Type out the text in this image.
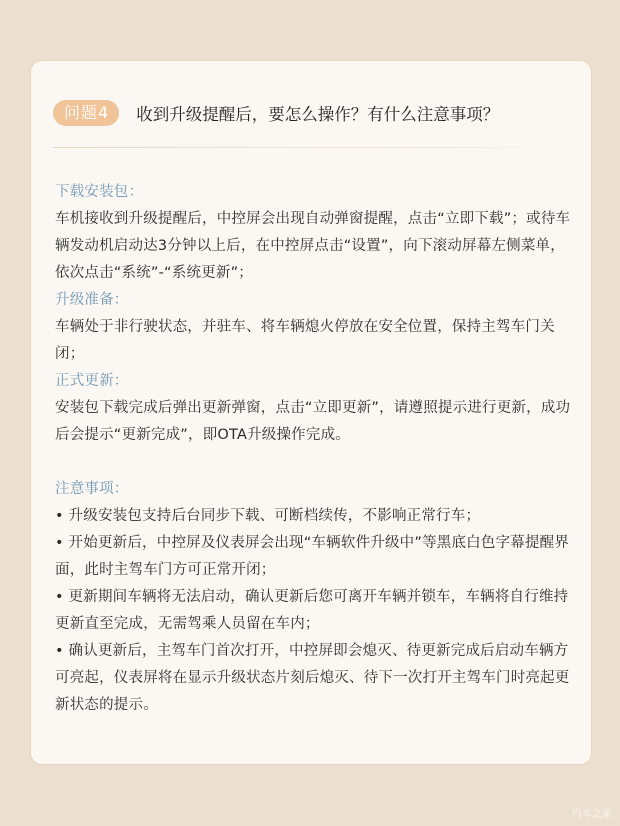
问题4	收到升级提醒后，要怎么操作？有什么注意事项？
下载安装包：
车机接收到升级提醒后，中控屏会出现自动弹窗提醒，点击“立即下载”；或待车辆发动机启动达3分钟以上后，在中控屏点击“设置”，向下滚动屏幕左侧菜单，依次点击“系统”-“系统更新”；
升级准备：
车辆处于非行驶状态，并驻车、将车辆熄火停放在安全位置，保持主驾车门关闭；
正式更新：
安装包下载完成后弹出更新弹窗，点击“立即更新”，请遵照提示进行更新，成功后会提示“更新完成”，即OTA升级操作完成。
注意事项：
• 升级安装包支持后台同步下载、可断档续传，不影响正常行车；
• 开始更新后，中控屏及仪表屏会出现“车辆软件升级中”等黑底白色字幕提醒界面，此时主驾车门方可正常开闭；
• 更新期间车辆将无法启动，确认更新后您可离开车辆并锁车，车辆将自行维持更新直至完成，无需驾乘人员留在车内；
• 确认更新后，主驾车门首次打开，中控屏即会熄灭、待更新完成后启动车辆方可亮起，仪表屏将在显示升级状态片刻后熄灭、待下一次打开主驾车门时亮起更新状态的提示。
汽车之家
